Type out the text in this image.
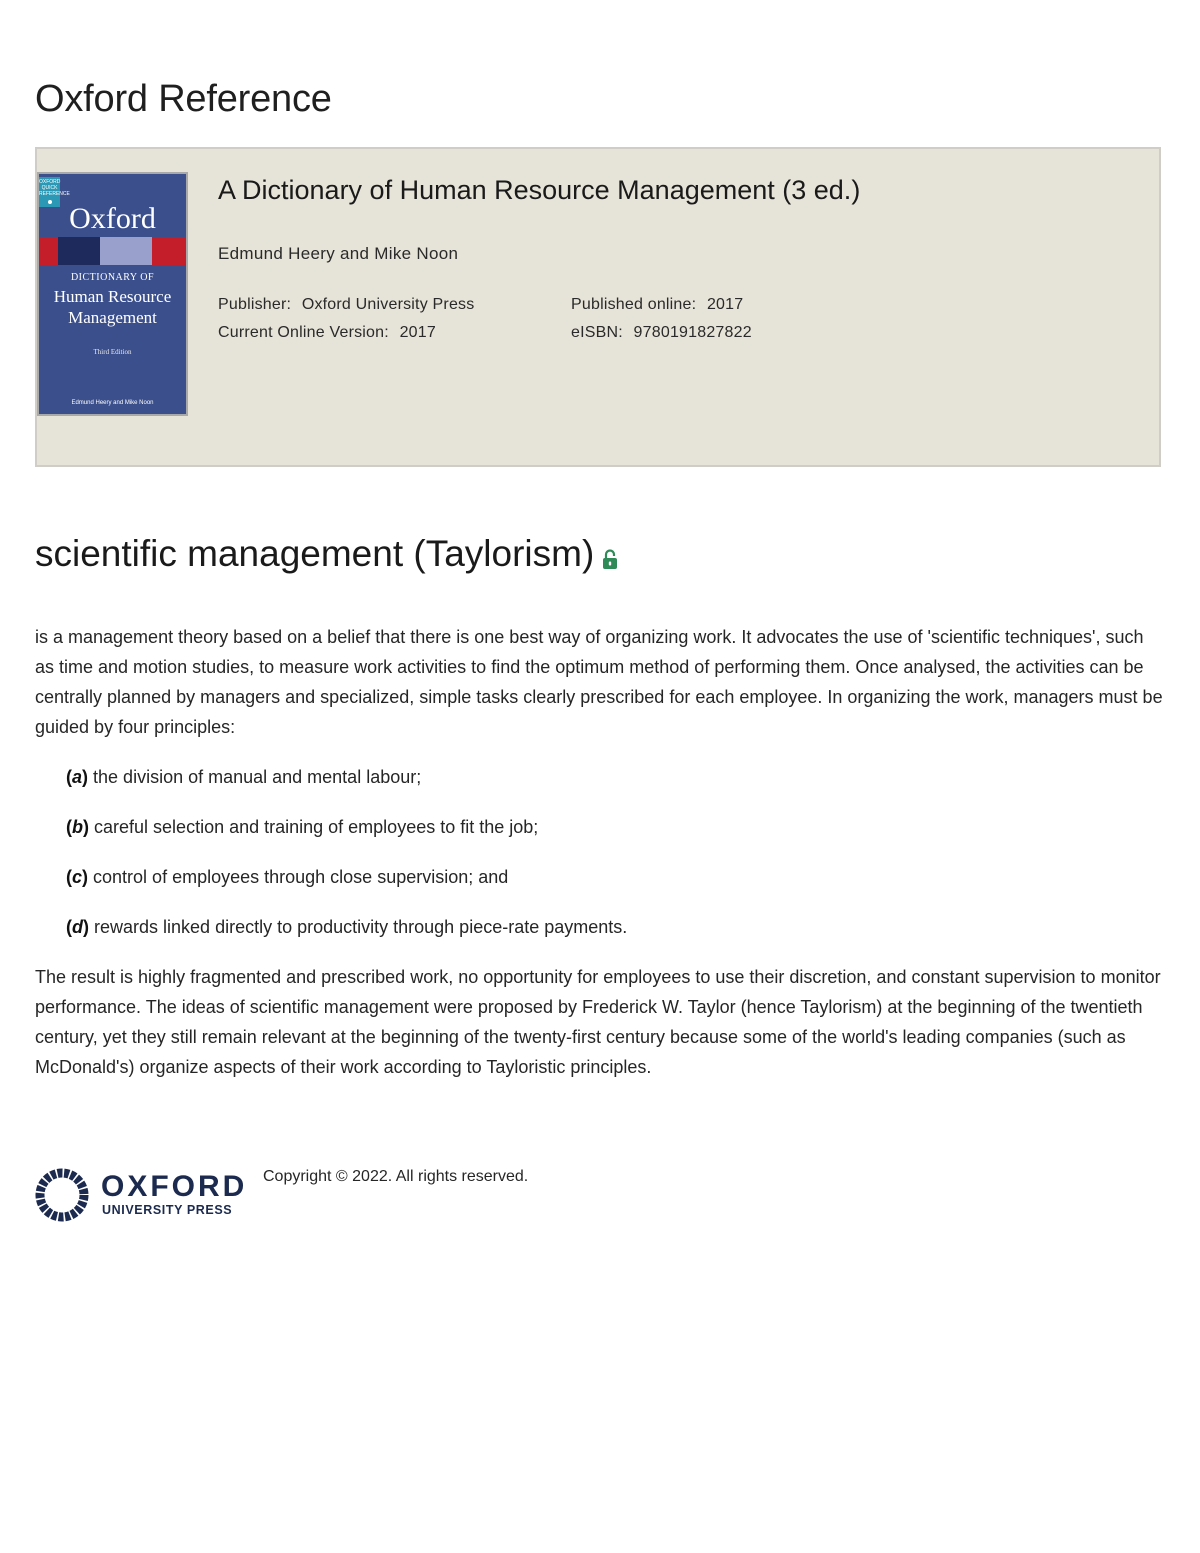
Oxford Reference
OXFORD QUICK REFERENCE
Oxford
DICTIONARY OF
Human Resource
Management
Third Edition
Edmund Heery and Mike Noon
A Dictionary of Human Resource Management (3 ed.)
Edmund Heery and Mike Noon
Publisher: Oxford University Press	Published online: 2017
Current Online Version: 2017	eISBN: 9780191827822
scientific management (Taylorism)

is a management theory based on a belief that there is one best way of organizing work. It advocates the use of 'scientific techniques', such as time and motion studies, to measure work activities to find the optimum method of performing them. Once analysed, the activities can be centrally planned by managers and specialized, simple tasks clearly prescribed for each employee. In organizing the work, managers must be guided by four principles:

(a) the division of manual and mental labour;
(b) careful selection and training of employees to fit the job;
(c) control of employees through close supervision; and
(d) rewards linked directly to productivity through piece-rate payments.

The result is highly fragmented and prescribed work, no opportunity for employees to use their discretion, and constant supervision to monitor performance. The ideas of scientific management were proposed by Frederick W. Taylor (hence Taylorism) at the beginning of the twentieth century, yet they still remain relevant at the beginning of the twenty-first century because some of the world's leading companies (such as McDonald's) organize aspects of their work according to Tayloristic principles.

OXFORD
UNIVERSITY PRESS
Copyright © 2022. All rights reserved.
